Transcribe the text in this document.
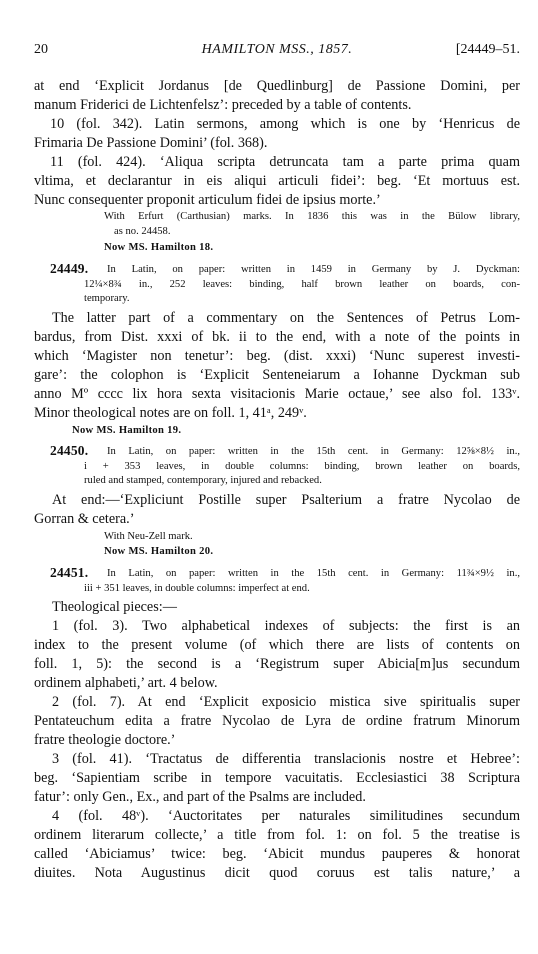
20	HAMILTON MSS., 1857.	[24449–51.
at end ‘Explicit Jordanus [de Quedlinburg] de Passione Domini, per
manum Friderici de Lichtenfelsz’: preceded by a table of contents.
10 (fol. 342). Latin sermons, among which is one by ‘Henricus de
Frimaria De Passione Domini’ (fol. 368).
11 (fol. 424). ‘Aliqua scripta detruncata tam a parte prima quam
vltima, et declarantur in eis aliqui articuli fidei’: beg. ‘Et mortuus est.
Nunc consequenter proponit articulum fidei de ipsius morte.’
With Erfurt (Carthusian) marks. In 1836 this was in the Bülow library,
as no. 24458.
Now MS. Hamilton 18.
24449. In Latin, on paper: written in 1459 in Germany by J. Dyckman:
12¼×8¾ in., 252 leaves: binding, half brown leather on boards, con-
temporary.
The latter part of a commentary on the Sentences of Petrus Lom-
bardus, from Dist. xxxi of bk. ii to the end, with a note of the points in
which ‘Magister non tenetur’: beg. (dist. xxxi) ‘Nunc superest investi-
gare’: the colophon is ‘Explicit Senteneiarum a Iohanne Dyckman sub
anno Mº cccc lix hora sexta visitacionis Marie octaue,’ see also fol. 133ᵛ.
Minor theological notes are on foll. 1, 41ᵃ, 249ᵛ.
Now MS. Hamilton 19.
24450. In Latin, on paper: written in the 15th cent. in Germany: 12⅝×8½ in.,
i + 353 leaves, in double columns: binding, brown leather on boards,
ruled and stamped, contemporary, injured and rebacked.
At end:—‘Expliciunt Postille super Psalterium a fratre Nycolao de
Gorran & cetera.’
With Neu-Zell mark.
Now MS. Hamilton 20.
24451. In Latin, on paper: written in the 15th cent. in Germany: 11¾×9½ in.,
iii + 351 leaves, in double columns: imperfect at end.
Theological pieces:—
1 (fol. 3). Two alphabetical indexes of subjects: the first is an
index to the present volume (of which there are lists of contents on
foll. 1, 5): the second is a ‘Registrum super Abicia[m]us secundum
ordinem alphabeti,’ art. 4 below.
2 (fol. 7). At end ‘Explicit exposicio mistica sive spiritualis super
Pentateuchum edita a fratre Nycolao de Lyra de ordine fratrum Minorum
fratre theologie doctore.’
3 (fol. 41). ‘Tractatus de differentia translacionis nostre et Hebree’:
beg. ‘Sapientiam scribe in tempore vacuitatis. Ecclesiastici 38 Scriptura
fatur’: only Gen., Ex., and part of the Psalms are included.
4 (fol. 48ᵛ). ‘Auctoritates per naturales similitudines secundum
ordinem literarum collecte,’ a title from fol. 1: on fol. 5 the treatise is
called ‘Abiciamus’ twice: beg. ‘Abicit mundus pauperes & honorat
diuites. Nota Augustinus dicit quod coruus est talis nature,’ a
